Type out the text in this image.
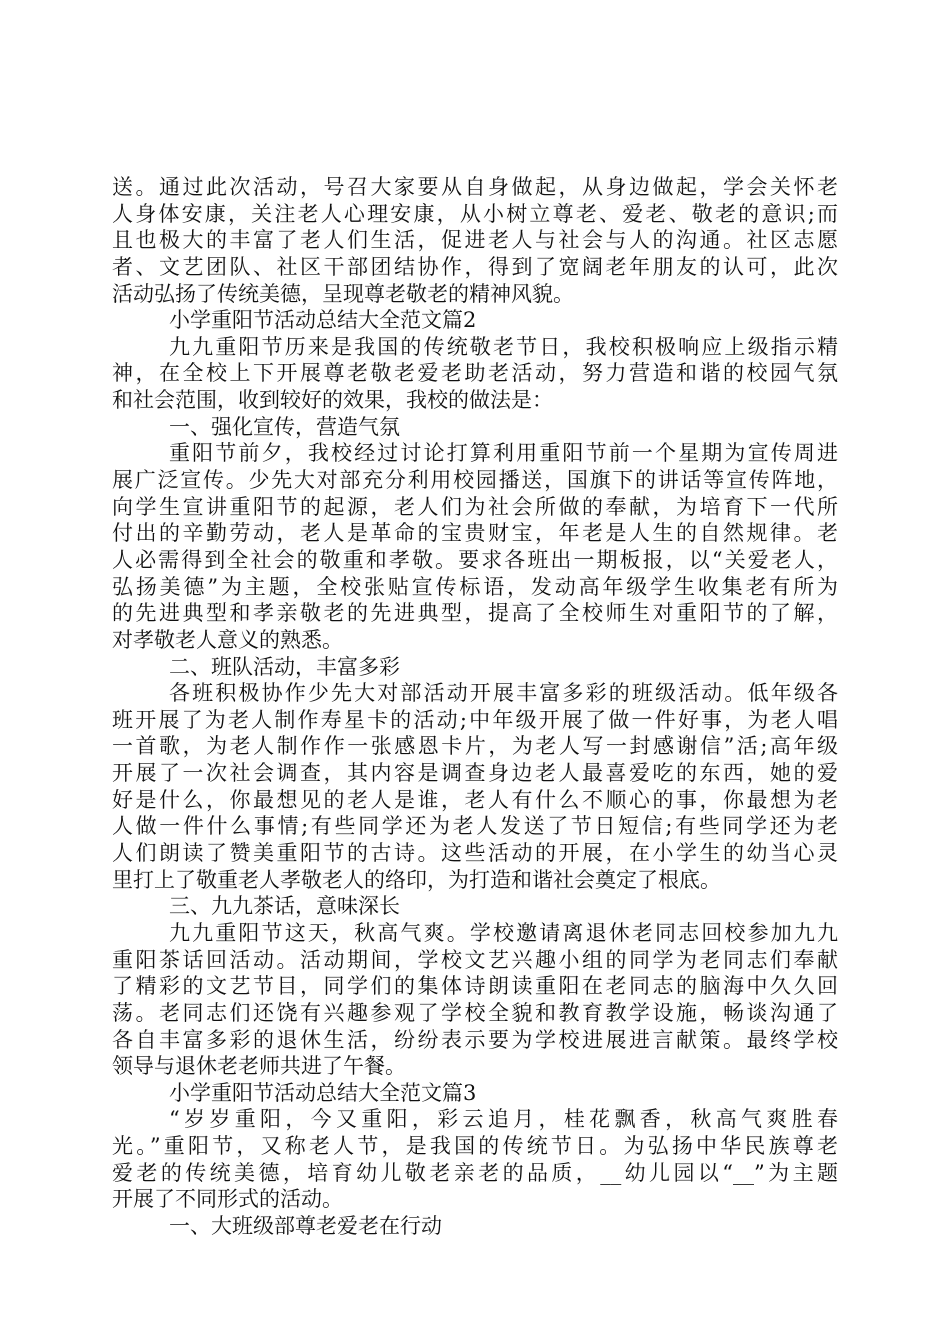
送。通过此次活动，号召大家要从自身做起，从身边做起，学会关怀老
人身体安康，关注老人心理安康，从小树立尊老、爱老、敬老的意识;而
且也极大的丰富了老人们生活，促进老人与社会与人的沟通。社区志愿
者、文艺团队、社区干部团结协作，得到了宽阔老年朋友的认可，此次
活动弘扬了传统美德，呈现尊老敬老的精神风貌。
小学重阳节活动总结大全范文篇2
九九重阳节历来是我国的传统敬老节日，我校积极响应上级指示精
神，在全校上下开展尊老敬老爱老助老活动，努力营造和谐的校园气氛
和社会范围，收到较好的效果，我校的做法是：
一、强化宣传，营造气氛
重阳节前夕，我校经过讨论打算利用重阳节前一个星期为宣传周进
展广泛宣传。少先大对部充分利用校园播送，国旗下的讲话等宣传阵地，
向学生宣讲重阳节的起源，老人们为社会所做的奉献，为培育下一代所
付出的辛勤劳动，老人是革命的宝贵财宝，年老是人生的自然规律。老
人必需得到全社会的敬重和孝敬。要求各班出一期板报，以“关爱老人，
弘扬美德”为主题，全校张贴宣传标语，发动高年级学生收集老有所为
的先进典型和孝亲敬老的先进典型，提高了全校师生对重阳节的了解，
对孝敬老人意义的熟悉。
二、班队活动，丰富多彩
各班积极协作少先大对部活动开展丰富多彩的班级活动。低年级各
班开展了为老人制作寿星卡的活动;中年级开展了做一件好事，为老人唱
一首歌，为老人制作作一张感恩卡片，为老人写一封感谢信”活;高年级
开展了一次社会调查，其内容是调查身边老人最喜爱吃的东西，她的爱
好是什么，你最想见的老人是谁，老人有什么不顺心的事，你最想为老
人做一件什么事情;有些同学还为老人发送了节日短信;有些同学还为老
人们朗读了赞美重阳节的古诗。这些活动的开展，在小学生的幼当心灵
里打上了敬重老人孝敬老人的络印，为打造和谐社会奠定了根底。
三、九九茶话，意味深长
九九重阳节这天，秋高气爽。学校邀请离退休老同志回校参加九九
重阳茶话回活动。活动期间，学校文艺兴趣小组的同学为老同志们奉献
了精彩的文艺节目，同学们的集体诗朗读重阳在老同志的脑海中久久回
荡。老同志们还饶有兴趣参观了学校全貌和教育教学设施，畅谈沟通了
各自丰富多彩的退休生活，纷纷表示要为学校进展进言献策。最终学校
领导与退休老老师共进了午餐。
小学重阳节活动总结大全范文篇3
“岁岁重阳，今又重阳，彩云追月，桂花飘香，秋高气爽胜春
光。”重阳节，又称老人节，是我国的传统节日。为弘扬中华民族尊老
爱老的传统美德，培育幼儿敬老亲老的品质，__幼儿园以“__”为主题
开展了不同形式的活动。
一、大班级部尊老爱老在行动
